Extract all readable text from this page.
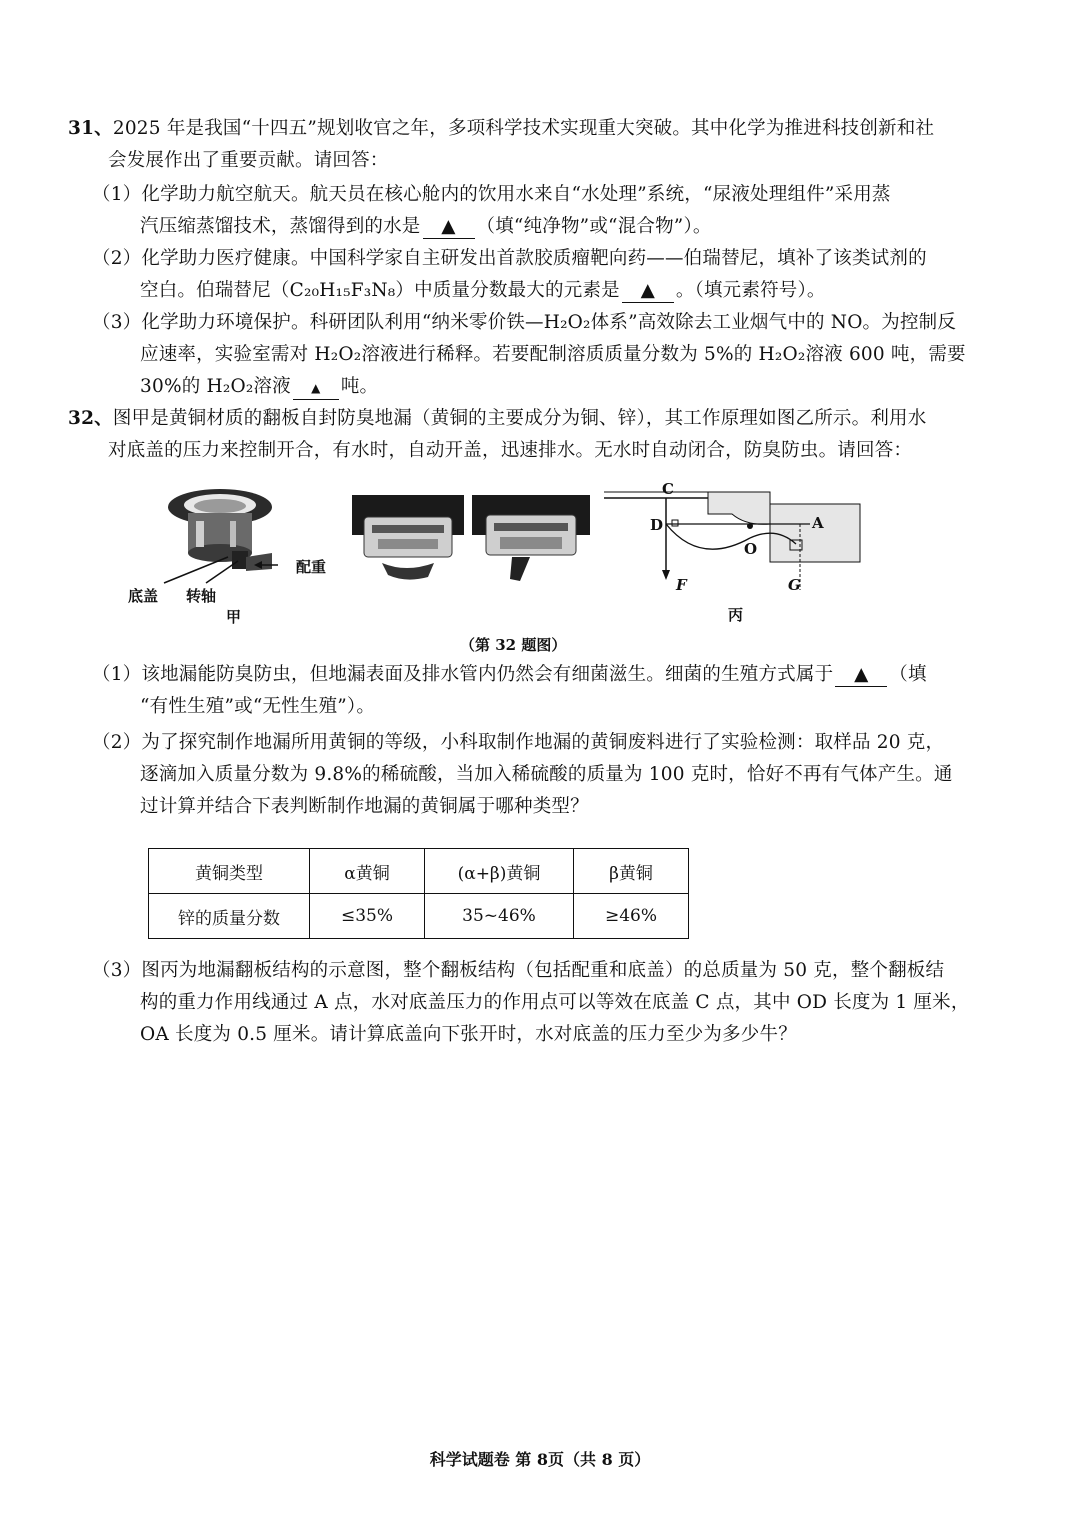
31、2025 年是我国“十四五”规划收官之年，多项科学技术实现重大突破。其中化学为推进科技创新和社
会发展作出了重要贡献。请回答：
（1）化学助力航空航天。航天员在核心舱内的饮用水来自“水处理”系统，“尿液处理组件”采用蒸
汽压缩蒸馏技术，蒸馏得到的水是 ▲ （填“纯净物”或“混合物”）。
（2）化学助力医疗健康。中国科学家自主研发出首款胶质瘤靶向药——伯瑞替尼，填补了该类试剂的
空白。伯瑞替尼（C₂₀H₁₅F₃N₈）中质量分数最大的元素是 ▲ 。（填元素符号）。
（3）化学助力环境保护。科研团队利用“纳米零价铁—H₂O₂体系”高效除去工业烟气中的 NO。为控制反
应速率，实验室需对 H₂O₂溶液进行稀释。若要配制溶质质量分数为 5%的 H₂O₂溶液 600 吨，需要
30%的 H₂O₂溶液 ▲ 吨。
32、图甲是黄铜材质的翻板自封防臭地漏（黄铜的主要成分为铜、锌），其工作原理如图乙所示。利用水
对底盖的压力来控制开合，有水时，自动开盖，迅速排水。无水时自动闭合，防臭防虫。请回答：
底盖 转轴
配重
甲
C
D
O
A
F	G
丙
（第 32 题图）
（1）该地漏能防臭防虫，但地漏表面及排水管内仍然会有细菌滋生。细菌的生殖方式属于 ▲ （填
“有性生殖”或“无性生殖”）。
（2）为了探究制作地漏所用黄铜的等级，小科取制作地漏的黄铜废料进行了实验检测：取样品 20 克，
逐滴加入质量分数为 9.8%的稀硫酸，当加入稀硫酸的质量为 100 克时，恰好不再有气体产生。通
过计算并结合下表判断制作地漏的黄铜属于哪种类型？
黄铜类型	α黄铜	(α+β)黄铜	β黄铜
锌的质量分数	≤35%	35~46%	≥46%
（3）图丙为地漏翻板结构的示意图，整个翻板结构（包括配重和底盖）的总质量为 50 克，整个翻板结
构的重力作用线通过 A 点，水对底盖压力的作用点可以等效在底盖 C 点，其中 OD 长度为 1 厘米，
OA 长度为 0.5 厘米。请计算底盖向下张开时，水对底盖的压力至少为多少牛？
科学试题卷 第 8页（共 8 页）
